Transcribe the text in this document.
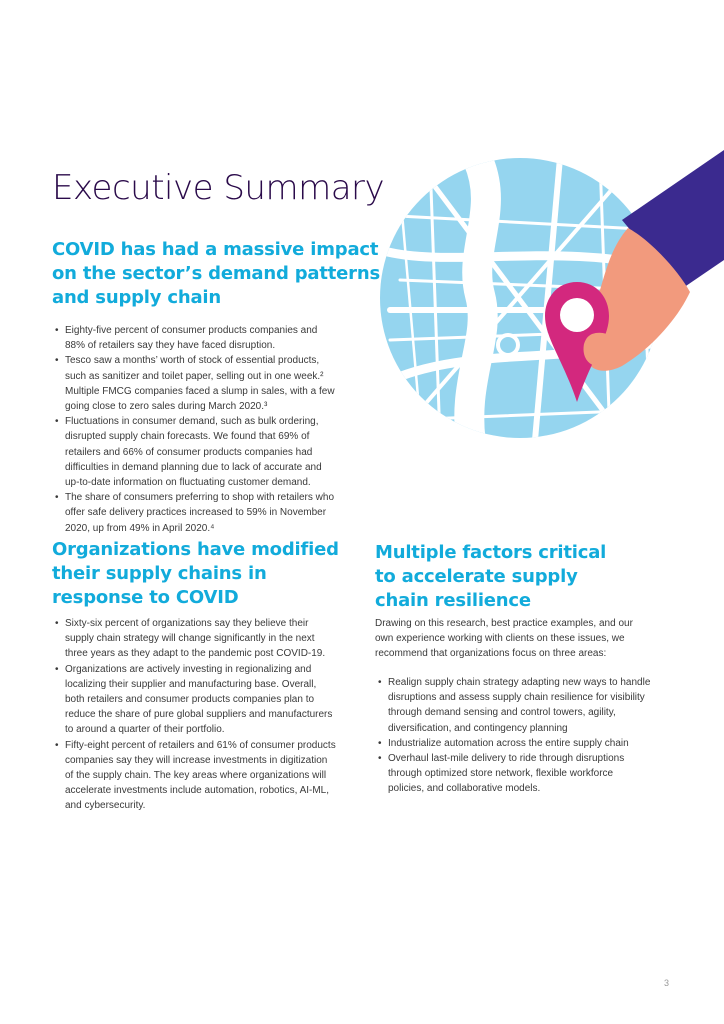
Executive Summary
COVID has had a massive impact
on the sector’s demand patterns
and supply chain
• Eighty-five percent of consumer products companies and
88% of retailers say they have faced disruption.
• Tesco saw a months’ worth of stock of essential products,
such as sanitizer and toilet paper, selling out in one week.²
Multiple FMCG companies faced a slump in sales, with a few
going close to zero sales during March 2020.³
• Fluctuations in consumer demand, such as bulk ordering,
disrupted supply chain forecasts. We found that 69% of
retailers and 66% of consumer products companies had
difficulties in demand planning due to lack of accurate and
up-to-date information on fluctuating customer demand.
• The share of consumers preferring to shop with retailers who
offer safe delivery practices increased to 59% in November
2020, up from 49% in April 2020.⁴
Organizations have modified
their supply chains in
response to COVID
• Sixty-six percent of organizations say they believe their
supply chain strategy will change significantly in the next
three years as they adapt to the pandemic post COVID-19.
• Organizations are actively investing in regionalizing and
localizing their supplier and manufacturing base. Overall,
both retailers and consumer products companies plan to
reduce the share of pure global suppliers and manufacturers
to around a quarter of their portfolio.
• Fifty-eight percent of retailers and 61% of consumer products
companies say they will increase investments in digitization
of the supply chain. The key areas where organizations will
accelerate investments include automation, robotics, AI-ML,
and cybersecurity.
Multiple factors critical
to accelerate supply
chain resilience

Drawing on this research, best practice examples, and our
own experience working with clients on these issues, we
recommend that organizations focus on three areas:

• Realign supply chain strategy adapting new ways to handle
disruptions and assess supply chain resilience for visibility
through demand sensing and control towers, agility,
diversification, and contingency planning
• Industrialize automation across the entire supply chain
• Overhaul last-mile delivery to ride through disruptions
through optimized store network, flexible workforce
policies, and collaborative models.
3
